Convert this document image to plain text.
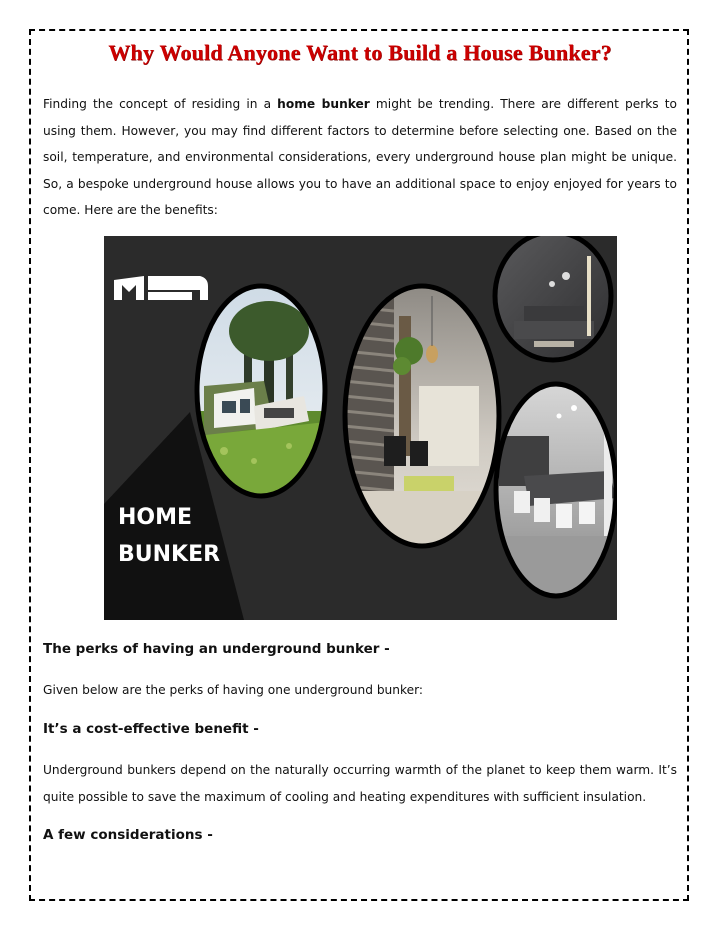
Why Would Anyone Want to Build a House Bunker?

Finding the concept of residing in a home bunker might be trending. There are different perks to using them. However, you may find different factors to determine before selecting one. Based on the soil, temperature, and environmental considerations, every underground house plan might be unique. So, a bespoke underground house allows you to have an additional space to enjoy enjoyed for years to come. Here are the benefits:

HOME
BUNKER
The perks of having an underground bunker -

Given below are the perks of having one underground bunker:

It’s a cost-effective benefit -

Underground bunkers depend on the naturally occurring warmth of the planet to keep them warm. It’s quite possible to save the maximum of cooling and heating expenditures with sufficient insulation.

A few considerations -
